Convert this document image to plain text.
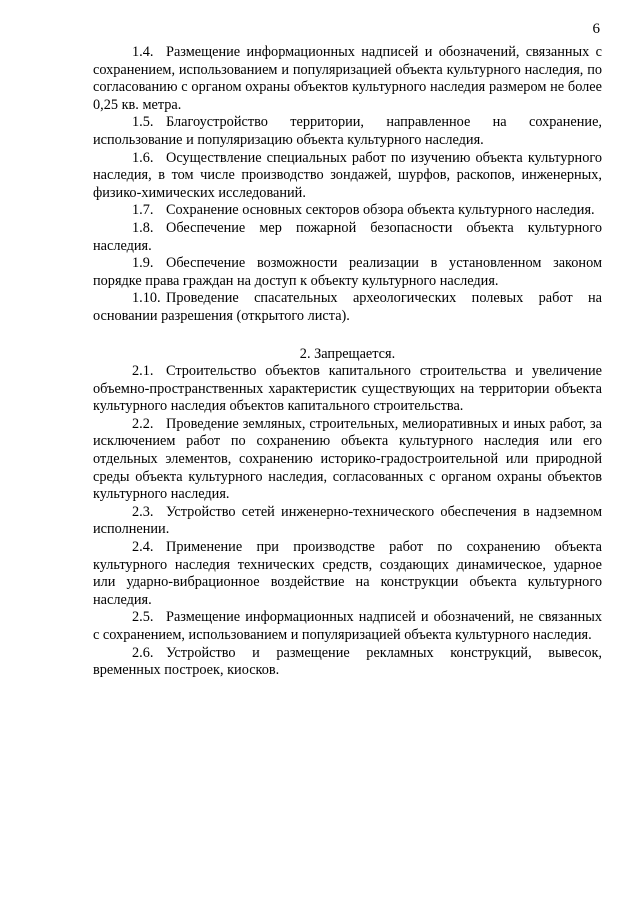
6

1.4. Размещение информационных надписей и обозначений, связанных с сохранением, использованием и популяризацией объекта культурного наследия, по согласованию с органом охраны объектов культурного наследия размером не более 0,25 кв. метра.

1.5. Благоустройство территории, направленное на сохранение, использование и популяризацию объекта культурного наследия.

1.6. Осуществление специальных работ по изучению объекта культурного наследия, в том числе производство зондажей, шурфов, раскопов, инженерных, физико-химических исследований.

1.7. Сохранение основных секторов обзора объекта культурного наследия.

1.8. Обеспечение мер пожарной безопасности объекта культурного наследия.

1.9. Обеспечение возможности реализации в установленном законом порядке права граждан на доступ к объекту культурного наследия.

1.10. Проведение спасательных археологических полевых работ на основании разрешения (открытого листа).

2. Запрещается.

2.1. Строительство объектов капитального строительства и увеличение объемно-пространственных характеристик существующих на территории объекта культурного наследия объектов капитального строительства.

2.2. Проведение земляных, строительных, мелиоративных и иных работ, за исключением работ по сохранению объекта культурного наследия или его отдельных элементов, сохранению историко-градостроительной или природной среды объекта культурного наследия, согласованных с органом охраны объектов культурного наследия.

2.3. Устройство сетей инженерно-технического обеспечения в надземном исполнении.

2.4. Применение при производстве работ по сохранению объекта культурного наследия технических средств, создающих динамическое, ударное или ударно-вибрационное воздействие на конструкции объекта культурного наследия.

2.5. Размещение информационных надписей и обозначений, не связанных с сохранением, использованием и популяризацией объекта культурного наследия.

2.6. Устройство и размещение рекламных конструкций, вывесок, временных построек, киосков.
